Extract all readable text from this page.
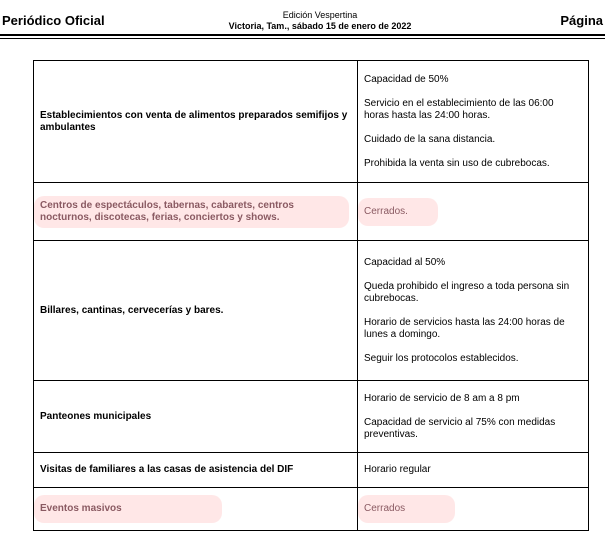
Periódico Oficial	Edición Vespertina
Victoria, Tam., sábado 15 de enero de 2022	Página
Establecimientos con venta de alimentos preparados semifijos y ambulantes	Capacidad de 50%

Servicio en el establecimiento de las 06:00 horas hasta las 24:00 horas.

Cuidado de la sana distancia.

Prohibida la venta sin uso de cubrebocas.

Centros de espectáculos, tabernas, cabarets, centros nocturnos, discotecas, ferias, conciertos y shows.	Cerrados.
Billares, cantinas, cervecerías y bares.	Capacidad al 50%

Queda prohibido el ingreso a toda persona sin cubrebocas.

Horario de servicios hasta las 24:00 horas de lunes a domingo.

Seguir los protocolos establecidos.

Panteones municipales	Horario de servicio de 8 am a 8 pm

Capacidad de servicio al 75% con medidas preventivas.

Visitas de familiares a las casas de asistencia del DIF	Horario regular

Eventos masivos	Cerrados
